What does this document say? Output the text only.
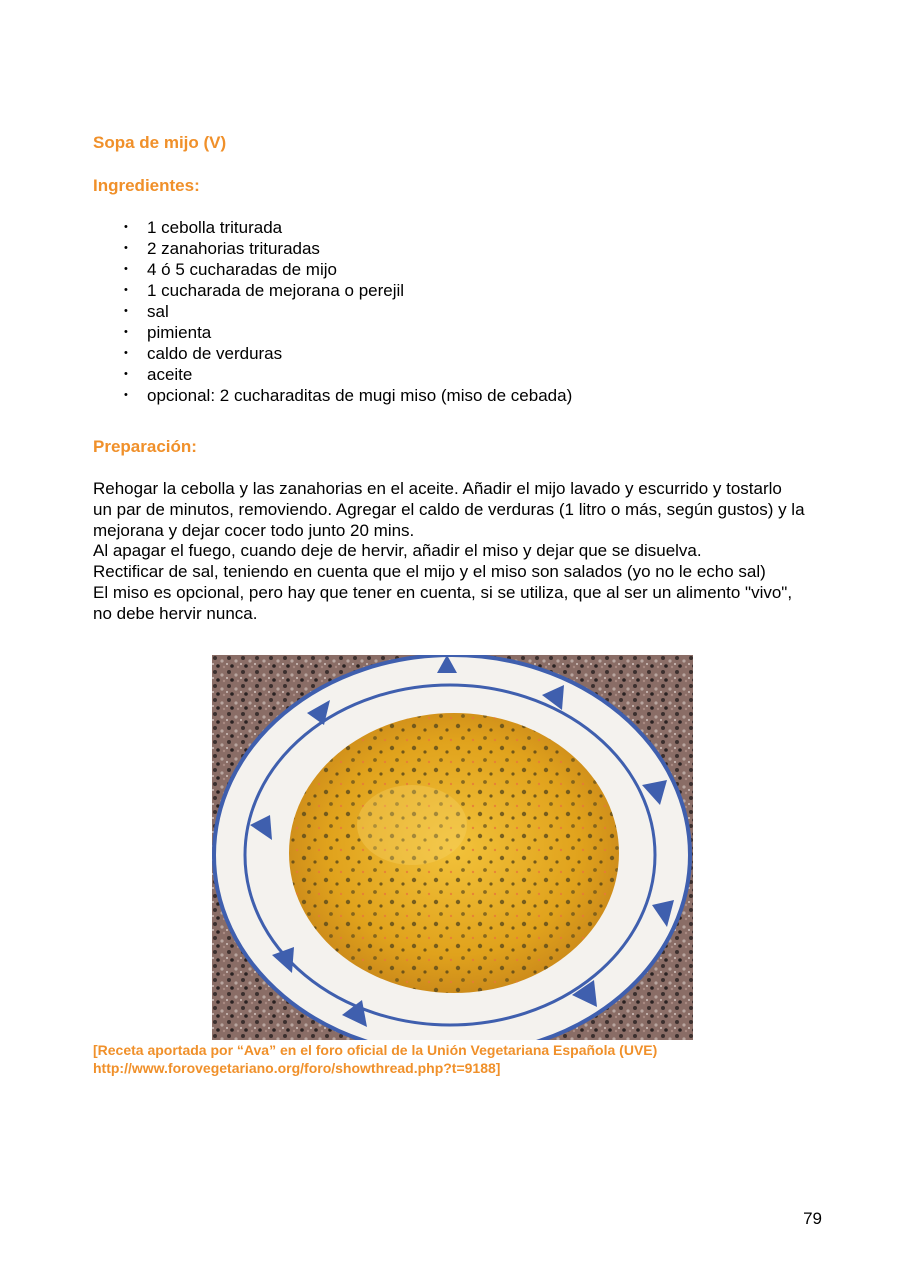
Sopa de mijo (V)
Ingredientes:
• 1 cebolla triturada
• 2 zanahorias trituradas
• 4 ó 5 cucharadas de mijo
• 1 cucharada de mejorana o perejil
• sal
• pimienta
• caldo de verduras
• aceite
• opcional: 2 cucharaditas de mugi miso (miso de cebada)
Preparación:

Rehogar la cebolla y las zanahorias en el aceite. Añadir el mijo lavado y escurrido y tostarlo un par de minutos, removiendo. Agregar el caldo de verduras (1 litro o más, según gustos) y la mejorana y dejar cocer todo junto 20 mins.

Al apagar el fuego, cuando deje de hervir, añadir el miso y dejar que se disuelva.

Rectificar de sal, teniendo en cuenta que el mijo y el miso son salados (yo no le echo sal)

El miso es opcional, pero hay que tener en cuenta, si se utiliza, que al ser un alimento "vivo", no debe hervir nunca.

[Receta aportada por “Ava” en el foro oficial de la Unión Vegetariana Española (UVE)
http://www.forovegetariano.org/foro/showthread.php?t=9188]

79
